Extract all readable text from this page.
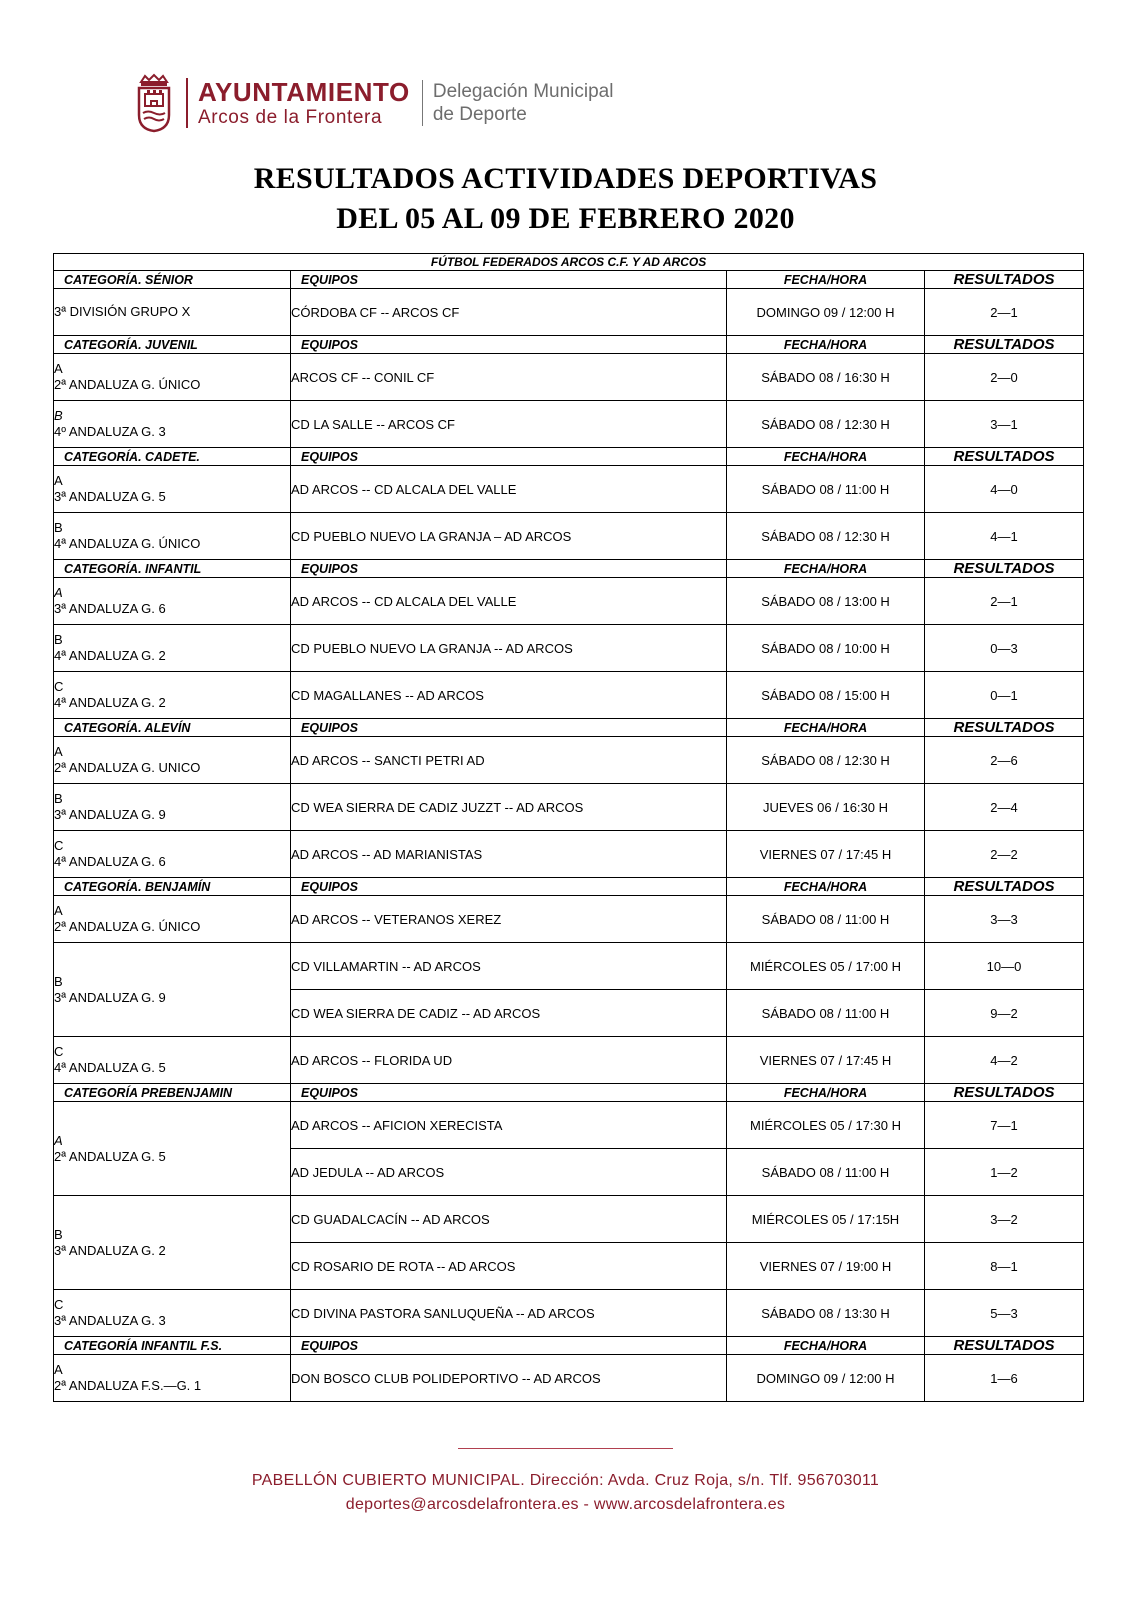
AYUNTAMIENTO
Arcos de la Frontera
Delegación Municipal
de Deporte
RESULTADOS ACTIVIDADES DEPORTIVAS
DEL 05 AL 09 DE FEBRERO 2020
FÚTBOL FEDERADOS ARCOS C.F. Y AD ARCOS			
CATEGORÍA. SÉNIOR	EQUIPOS	FECHA/HORA	RESULTADOS
3ª DIVISIÓN GRUPO X	CÓRDOBA CF -- ARCOS CF	DOMINGO 09 / 12:00 H	2—1
CATEGORÍA. JUVENIL	EQUIPOS	FECHA/HORA	RESULTADOS

A
2ª ANDALUZA G. ÚNICO	ARCOS CF -- CONIL CF	SÁBADO 08 / 16:30 H	2—0

B
4º ANDALUZA G. 3	CD LA SALLE -- ARCOS CF	SÁBADO 08 / 12:30 H	3—1
CATEGORÍA. CADETE.	EQUIPOS	FECHA/HORA	RESULTADOS

A
3ª ANDALUZA G. 5	AD ARCOS -- CD ALCALA DEL VALLE	SÁBADO 08 / 11:00 H	4—0

B
4ª ANDALUZA G. ÚNICO	CD PUEBLO NUEVO LA GRANJA – AD ARCOS	SÁBADO 08 / 12:30 H	4—1
CATEGORÍA. INFANTIL	EQUIPOS	FECHA/HORA	RESULTADOS

A
3ª ANDALUZA G. 6	AD ARCOS -- CD ALCALA DEL VALLE	SÁBADO 08 / 13:00 H	2—1

B
4ª ANDALUZA G. 2	CD PUEBLO NUEVO LA GRANJA -- AD ARCOS	SÁBADO 08 / 10:00 H	0—3

C
4ª ANDALUZA G. 2	CD MAGALLANES -- AD ARCOS	SÁBADO 08 / 15:00 H	0—1
CATEGORÍA. ALEVÍN	EQUIPOS	FECHA/HORA	RESULTADOS

A
2ª ANDALUZA G. UNICO	AD ARCOS -- SANCTI PETRI AD	SÁBADO 08 / 12:30 H	2—6

B
3ª ANDALUZA G. 9	CD WEA SIERRA DE CADIZ JUZZT -- AD ARCOS	JUEVES 06 / 16:30 H	2—4

C
4ª ANDALUZA G. 6	AD ARCOS -- AD MARIANISTAS	VIERNES 07 / 17:45 H	2—2
CATEGORÍA. BENJAMÍN	EQUIPOS	FECHA/HORA	RESULTADOS

A
2ª ANDALUZA G. ÚNICO	AD ARCOS -- VETERANOS XEREZ	SÁBADO 08 / 11:00 H	3—3

B
3ª ANDALUZA G. 9	CD VILLAMARTIN -- AD ARCOS	MIÉRCOLES 05 / 17:00 H	10—0
	CD WEA SIERRA DE CADIZ -- AD ARCOS	SÁBADO 08 / 11:00 H	9—2

C
4ª ANDALUZA G. 5	AD ARCOS -- FLORIDA UD	VIERNES 07 / 17:45 H	4—2
CATEGORÍA PREBENJAMIN	EQUIPOS	FECHA/HORA	RESULTADOS

A
2ª ANDALUZA G. 5	AD ARCOS -- AFICION XERECISTA	MIÉRCOLES 05 / 17:30 H	7—1
	AD JEDULA -- AD ARCOS	SÁBADO 08 / 11:00 H	1—2

B
3ª ANDALUZA G. 2	CD GUADALCACÍN -- AD ARCOS	MIÉRCOLES 05 / 17:15H	3—2
	CD ROSARIO DE ROTA -- AD ARCOS	VIERNES 07 / 19:00 H	8—1

C
3ª ANDALUZA G. 3	CD DIVINA PASTORA SANLUQUEÑA -- AD ARCOS	SÁBADO 08 / 13:30 H	5—3
CATEGORÍA INFANTIL F.S.	EQUIPOS	FECHA/HORA	RESULTADOS

A
2ª ANDALUZA F.S.—G. 1	DON BOSCO CLUB POLIDEPORTIVO -- AD ARCOS	DOMINGO 09 / 12:00 H	1—6
PABELLÓN CUBIERTO MUNICIPAL. Dirección: Avda. Cruz Roja, s/n. Tlf. 956703011
deportes@arcosdelafrontera.es - www.arcosdelafrontera.es
